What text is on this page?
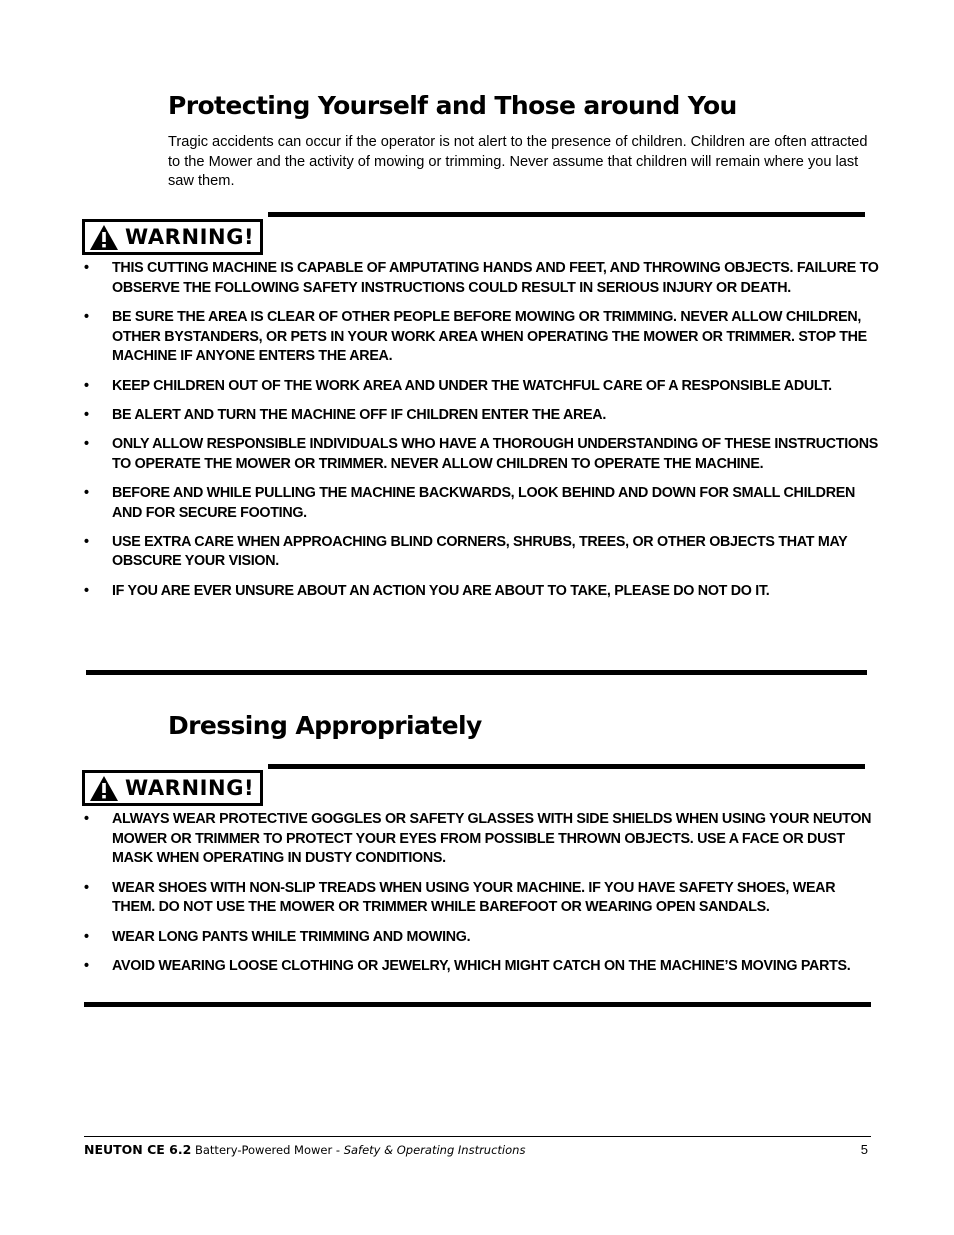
Protecting Yourself and Those around You

Tragic accidents can occur if the operator is not alert to the presence of children. Children are often attracted to the Mower and the activity of mowing or trimming. Never assume that children will remain where you last saw them.

WARNING!
• THIS CUTTING MACHINE IS CAPABLE OF AMPUTATING HANDS AND FEET, AND THROWING OBJECTS. FAILURE TO OBSERVE THE FOLLOWING SAFETY INSTRUCTIONS COULD RESULT IN SERIOUS INJURY OR DEATH.
• BE SURE THE AREA IS CLEAR OF OTHER PEOPLE BEFORE MOWING OR TRIMMING. NEVER ALLOW CHILDREN, OTHER BYSTANDERS, OR PETS IN YOUR WORK AREA WHEN OPERATING THE MOWER OR TRIMMER. STOP THE MACHINE IF ANYONE ENTERS THE AREA.
• KEEP CHILDREN OUT OF THE WORK AREA AND UNDER THE WATCHFUL CARE OF A RESPONSIBLE ADULT.
• BE ALERT AND TURN THE MACHINE OFF IF CHILDREN ENTER THE AREA.
• ONLY ALLOW RESPONSIBLE INDIVIDUALS WHO HAVE A THOROUGH UNDERSTANDING OF THESE INSTRUCTIONS TO OPERATE THE MOWER OR TRIMMER. NEVER ALLOW CHILDREN TO OPERATE THE MACHINE.
• BEFORE AND WHILE PULLING THE MACHINE BACKWARDS, LOOK BEHIND AND DOWN FOR SMALL CHILDREN AND FOR SECURE FOOTING.
• USE EXTRA CARE WHEN APPROACHING BLIND CORNERS, SHRUBS, TREES, OR OTHER OBJECTS THAT MAY OBSCURE YOUR VISION.
• IF YOU ARE EVER UNSURE ABOUT AN ACTION YOU ARE ABOUT TO TAKE, PLEASE DO NOT DO IT.
Dressing Appropriately
WARNING!
• ALWAYS WEAR PROTECTIVE GOGGLES OR SAFETY GLASSES WITH SIDE SHIELDS WHEN USING YOUR NEUTON MOWER OR TRIMMER TO PROTECT YOUR EYES FROM POSSIBLE THROWN OBJECTS. USE A FACE OR DUST MASK WHEN OPERATING IN DUSTY CONDITIONS.
• WEAR SHOES WITH NON-SLIP TREADS WHEN USING YOUR MACHINE. IF YOU HAVE SAFETY SHOES, WEAR THEM. DO NOT USE THE MOWER OR TRIMMER WHILE BAREFOOT OR WEARING OPEN SANDALS.
• WEAR LONG PANTS WHILE TRIMMING AND MOWING.
• AVOID WEARING LOOSE CLOTHING OR JEWELRY, WHICH MIGHT CATCH ON THE MACHINE’S MOVING PARTS.
NEUTON CE 6.2 Battery-Powered Mower - Safety & Operating Instructions	5
